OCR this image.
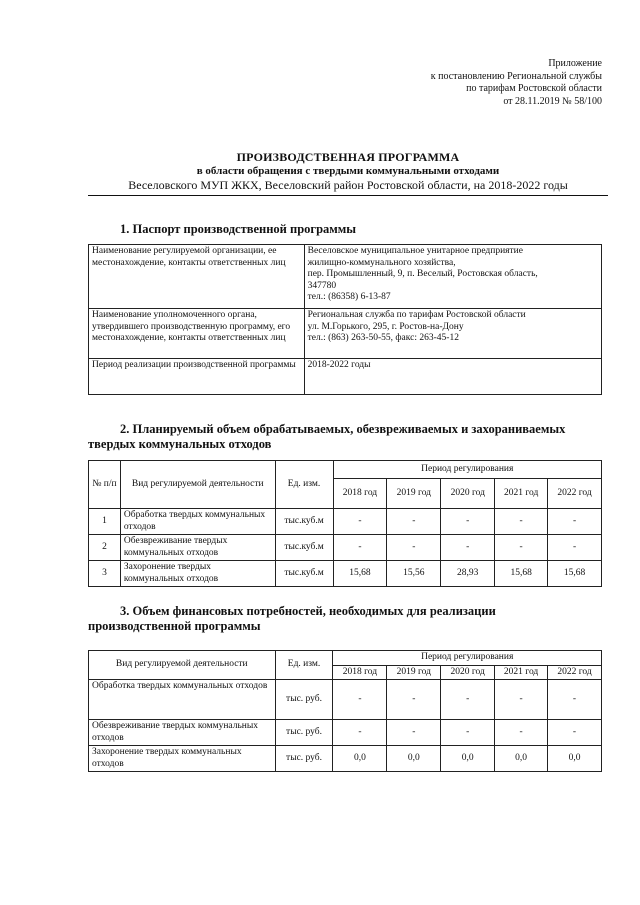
Приложение
к постановлению Региональной службы
по тарифам Ростовской области
от 28.11.2019 № 58/100
ПРОИЗВОДСТВЕННАЯ ПРОГРАММА
в области обращения с твердыми коммунальными отходами
Веселовского МУП ЖКХ, Веселовский район Ростовской области, на 2018-2022 годы
1. Паспорт производственной программы
Наименование регулируемой организации, ее местонахождение, контакты ответственных лиц	Веселовское муниципальное унитарное предприятие
жилищно-коммунального хозяйства,
пер. Промышленный, 9, п. Веселый, Ростовская область,
347780
тел.: (86358) 6-13-87

Наименование уполномоченного органа, утвердившего производственную программу, его местонахождение, контакты ответственных лиц	Региональная служба по тарифам Ростовской области
ул. М.Горького, 295, г. Ростов-на-Дону
тел.: (863) 263-50-55, факс: 263-45-12

Период реализации производственной программы	2018-2022 годы
2. Планируемый объем обрабатываемых, обезвреживаемых и захораниваемых
твердых коммунальных отходов
№ п/п	Вид регулируемой деятельности	Ед. изм.	Период регулирования				
			2018 год	2019 год	2020 год	2021 год	2022 год
1	Обработка твердых коммунальных отходов	тыс.куб.м	-	-	-	-	-
2	Обезвреживание твердых коммунальных отходов	тыс.куб.м	-	-	-	-	-
3	Захоронение твердых коммунальных отходов	тыс.куб.м	15,68	15,56	28,93	15,68	15,68
3. Объем финансовых потребностей, необходимых для реализации
производственной программы
Вид регулируемой деятельности	Ед. изм.	Период регулирования				
		2018 год	2019 год	2020 год	2021 год	2022 год
Обработка твердых коммунальных отходов	тыс. руб.	-	-	-	-	-
Обезвреживание твердых коммунальных отходов	тыс. руб.	-	-	-	-	-
Захоронение твердых коммунальных отходов	тыс. руб.	0,0	0,0	0,0	0,0	0,0
